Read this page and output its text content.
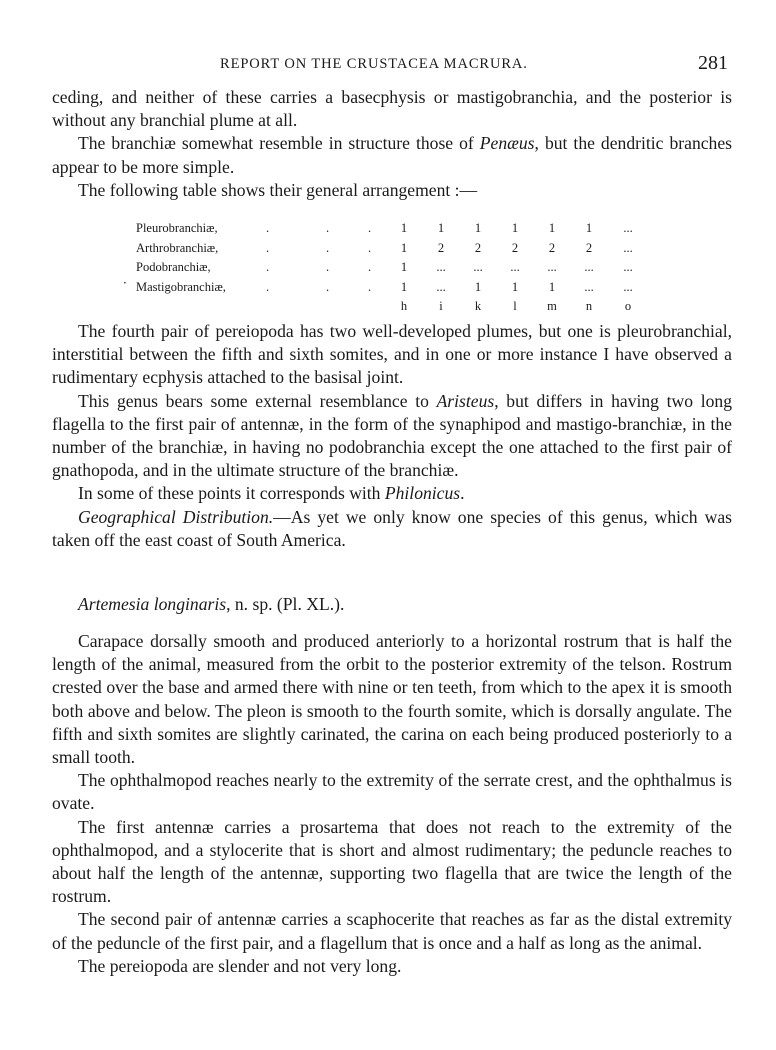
REPORT ON THE CRUSTACEA MACRURA.	281

ceding, and neither of these carries a basecphysis or mastigobranchia, and the posterior is without any branchial plume at all.

The branchiæ somewhat resemble in structure those of Penæus, but the dendritic branches appear to be more simple.

The following table shows their general arrangement :—

·
Pleurobranchiæ,	.	.	.	1	1	1	1	1	1	...
Arthrobranchiæ,	.	.	.	1	2	2	2	2	2	...
Podobranchiæ,	.	.	.	1	...	...	...	...	...	...
Mastigobranchiæ,	.	.	.	1	...	1	1	1	...	...
h	i	k	l	m	n	o

The fourth pair of pereiopoda has two well-developed plumes, but one is pleurobranchial, interstitial between the fifth and sixth somites, and in one or more instance I have observed a rudimentary ecphysis attached to the basisal joint.

This genus bears some external resemblance to Aristeus, but differs in having two long flagella to the first pair of antennæ, in the form of the synaphipod and mastigo-branchiæ, in the number of the branchiæ, in having no podobranchia except the one attached to the first pair of gnathopoda, and in the ultimate structure of the branchiæ.

In some of these points it corresponds with Philonicus.

Geographical Distribution.—As yet we only know one species of this genus, which was taken off the east coast of South America.

Artemesia longinaris, n. sp. (Pl. XL.).

Carapace dorsally smooth and produced anteriorly to a horizontal rostrum that is half the length of the animal, measured from the orbit to the posterior extremity of the telson. Rostrum crested over the base and armed there with nine or ten teeth, from which to the apex it is smooth both above and below. The pleon is smooth to the fourth somite, which is dorsally angulate. The fifth and sixth somites are slightly carinated, the carina on each being produced posteriorly to a small tooth.

The ophthalmopod reaches nearly to the extremity of the serrate crest, and the ophthalmus is ovate.

The first antennæ carries a prosartema that does not reach to the extremity of the ophthalmopod, and a stylocerite that is short and almost rudimentary; the peduncle reaches to about half the length of the antennæ, supporting two flagella that are twice the length of the rostrum.

The second pair of antennæ carries a scaphocerite that reaches as far as the distal extremity of the peduncle of the first pair, and a flagellum that is once and a half as long as the animal.

The pereiopoda are slender and not very long.
